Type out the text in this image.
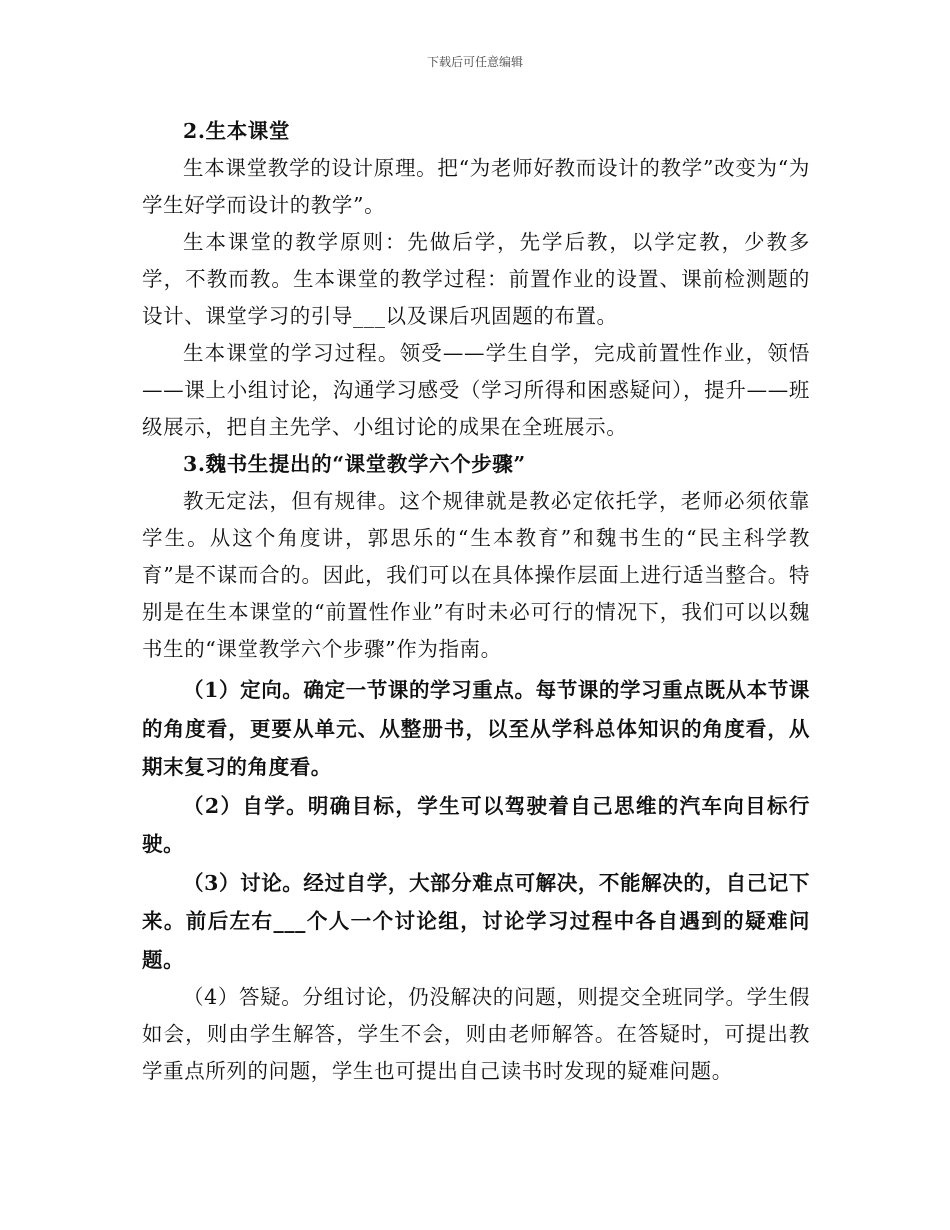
下载后可任意编辑

2.生本课堂

生本课堂教学的设计原理。把“为老师好教而设计的教学”改变为“为学生好学而设计的教学”。

生本课堂的教学原则：先做后学，先学后教，以学定教，少教多学，不教而教。生本课堂的教学过程：前置作业的设置、课前检测题的设计、课堂学习的引导___以及课后巩固题的布置。

生本课堂的学习过程。领受——学生自学，完成前置性作业，领悟——课上小组讨论，沟通学习感受（学习所得和困惑疑问），提升——班级展示，把自主先学、小组讨论的成果在全班展示。

3.魏书生提出的“课堂教学六个步骤”

教无定法，但有规律。这个规律就是教必定依托学，老师必须依靠学生。从这个角度讲，郭思乐的“生本教育”和魏书生的“民主科学教育”是不谋而合的。因此，我们可以在具体操作层面上进行适当整合。特别是在生本课堂的“前置性作业”有时未必可行的情况下，我们可以以魏书生的“课堂教学六个步骤”作为指南。

（1）定向。确定一节课的学习重点。每节课的学习重点既从本节课的角度看，更要从单元、从整册书，以至从学科总体知识的角度看，从期末复习的角度看。

（2）自学。明确目标，学生可以驾驶着自己思维的汽车向目标行驶。

（3）讨论。经过自学，大部分难点可解决，不能解决的，自己记下来。前后左右___个人一个讨论组，讨论学习过程中各自遇到的疑难问题。

（4）答疑。分组讨论，仍没解决的问题，则提交全班同学。学生假如会，则由学生解答，学生不会，则由老师解答。在答疑时，可提出教学重点所列的问题，学生也可提出自己读书时发现的疑难问题。
